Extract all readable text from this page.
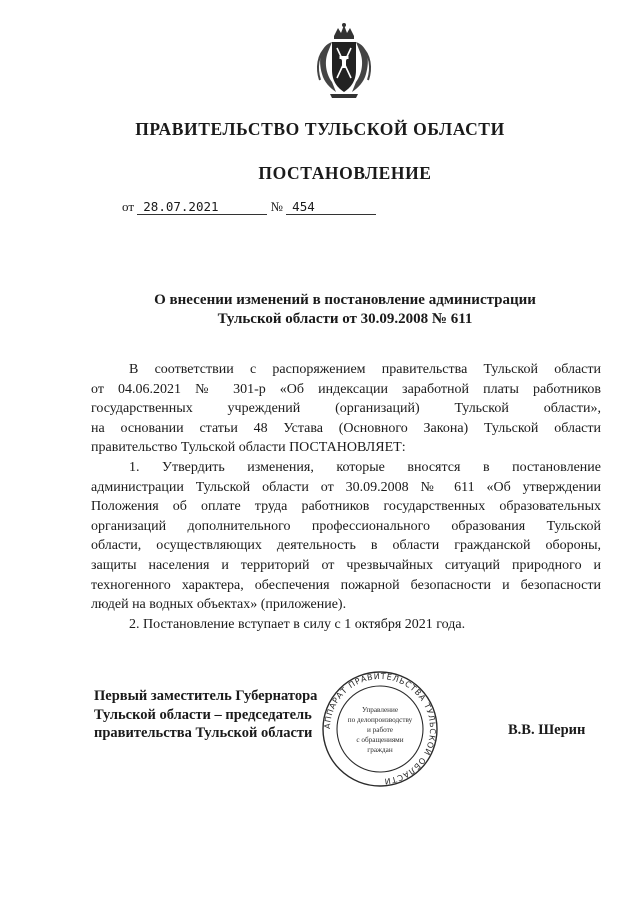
ПРАВИТЕЛЬСТВО ТУЛЬСКОЙ ОБЛАСТИ
ПОСТАНОВЛЕНИЕ
от 28.07.2021	№ 454
О внесении изменений в постановление администрации
Тульской области от 30.09.2008 № 611

В соответствии с распоряжением правительства Тульской области

от 04.06.2021 № 301-р «Об индексации заработной платы работников

государственных учреждений (организаций) Тульской области»,

на основании статьи 48 Устава (Основного Закона) Тульской области

правительство Тульской области ПОСТАНОВЛЯЕТ:

1. Утвердить изменения, которые вносятся в постановление

администрации Тульской области от 30.09.2008 № 611 «Об утверждении

Положения об оплате труда работников государственных образовательных

организаций дополнительного профессионального образования Тульской

области, осуществляющих деятельность в области гражданской обороны,

защиты населения и территорий от чрезвычайных ситуаций природного и

техногенного характера, обеспечения пожарной безопасности и безопасности

людей на водных объектах» (приложение).

2. Постановление вступает в силу с 1 октября 2021 года.

Первый заместитель Губернатора
Тульской области – председатель
правительства Тульской области	В.В. Шерин
АППАРАТ ПРАВИТЕЛЬСТВА ТУЛЬСКОЙ ОБЛАСТИ
Управление
по делопроизводству
и работе
с обращениями
граждан
